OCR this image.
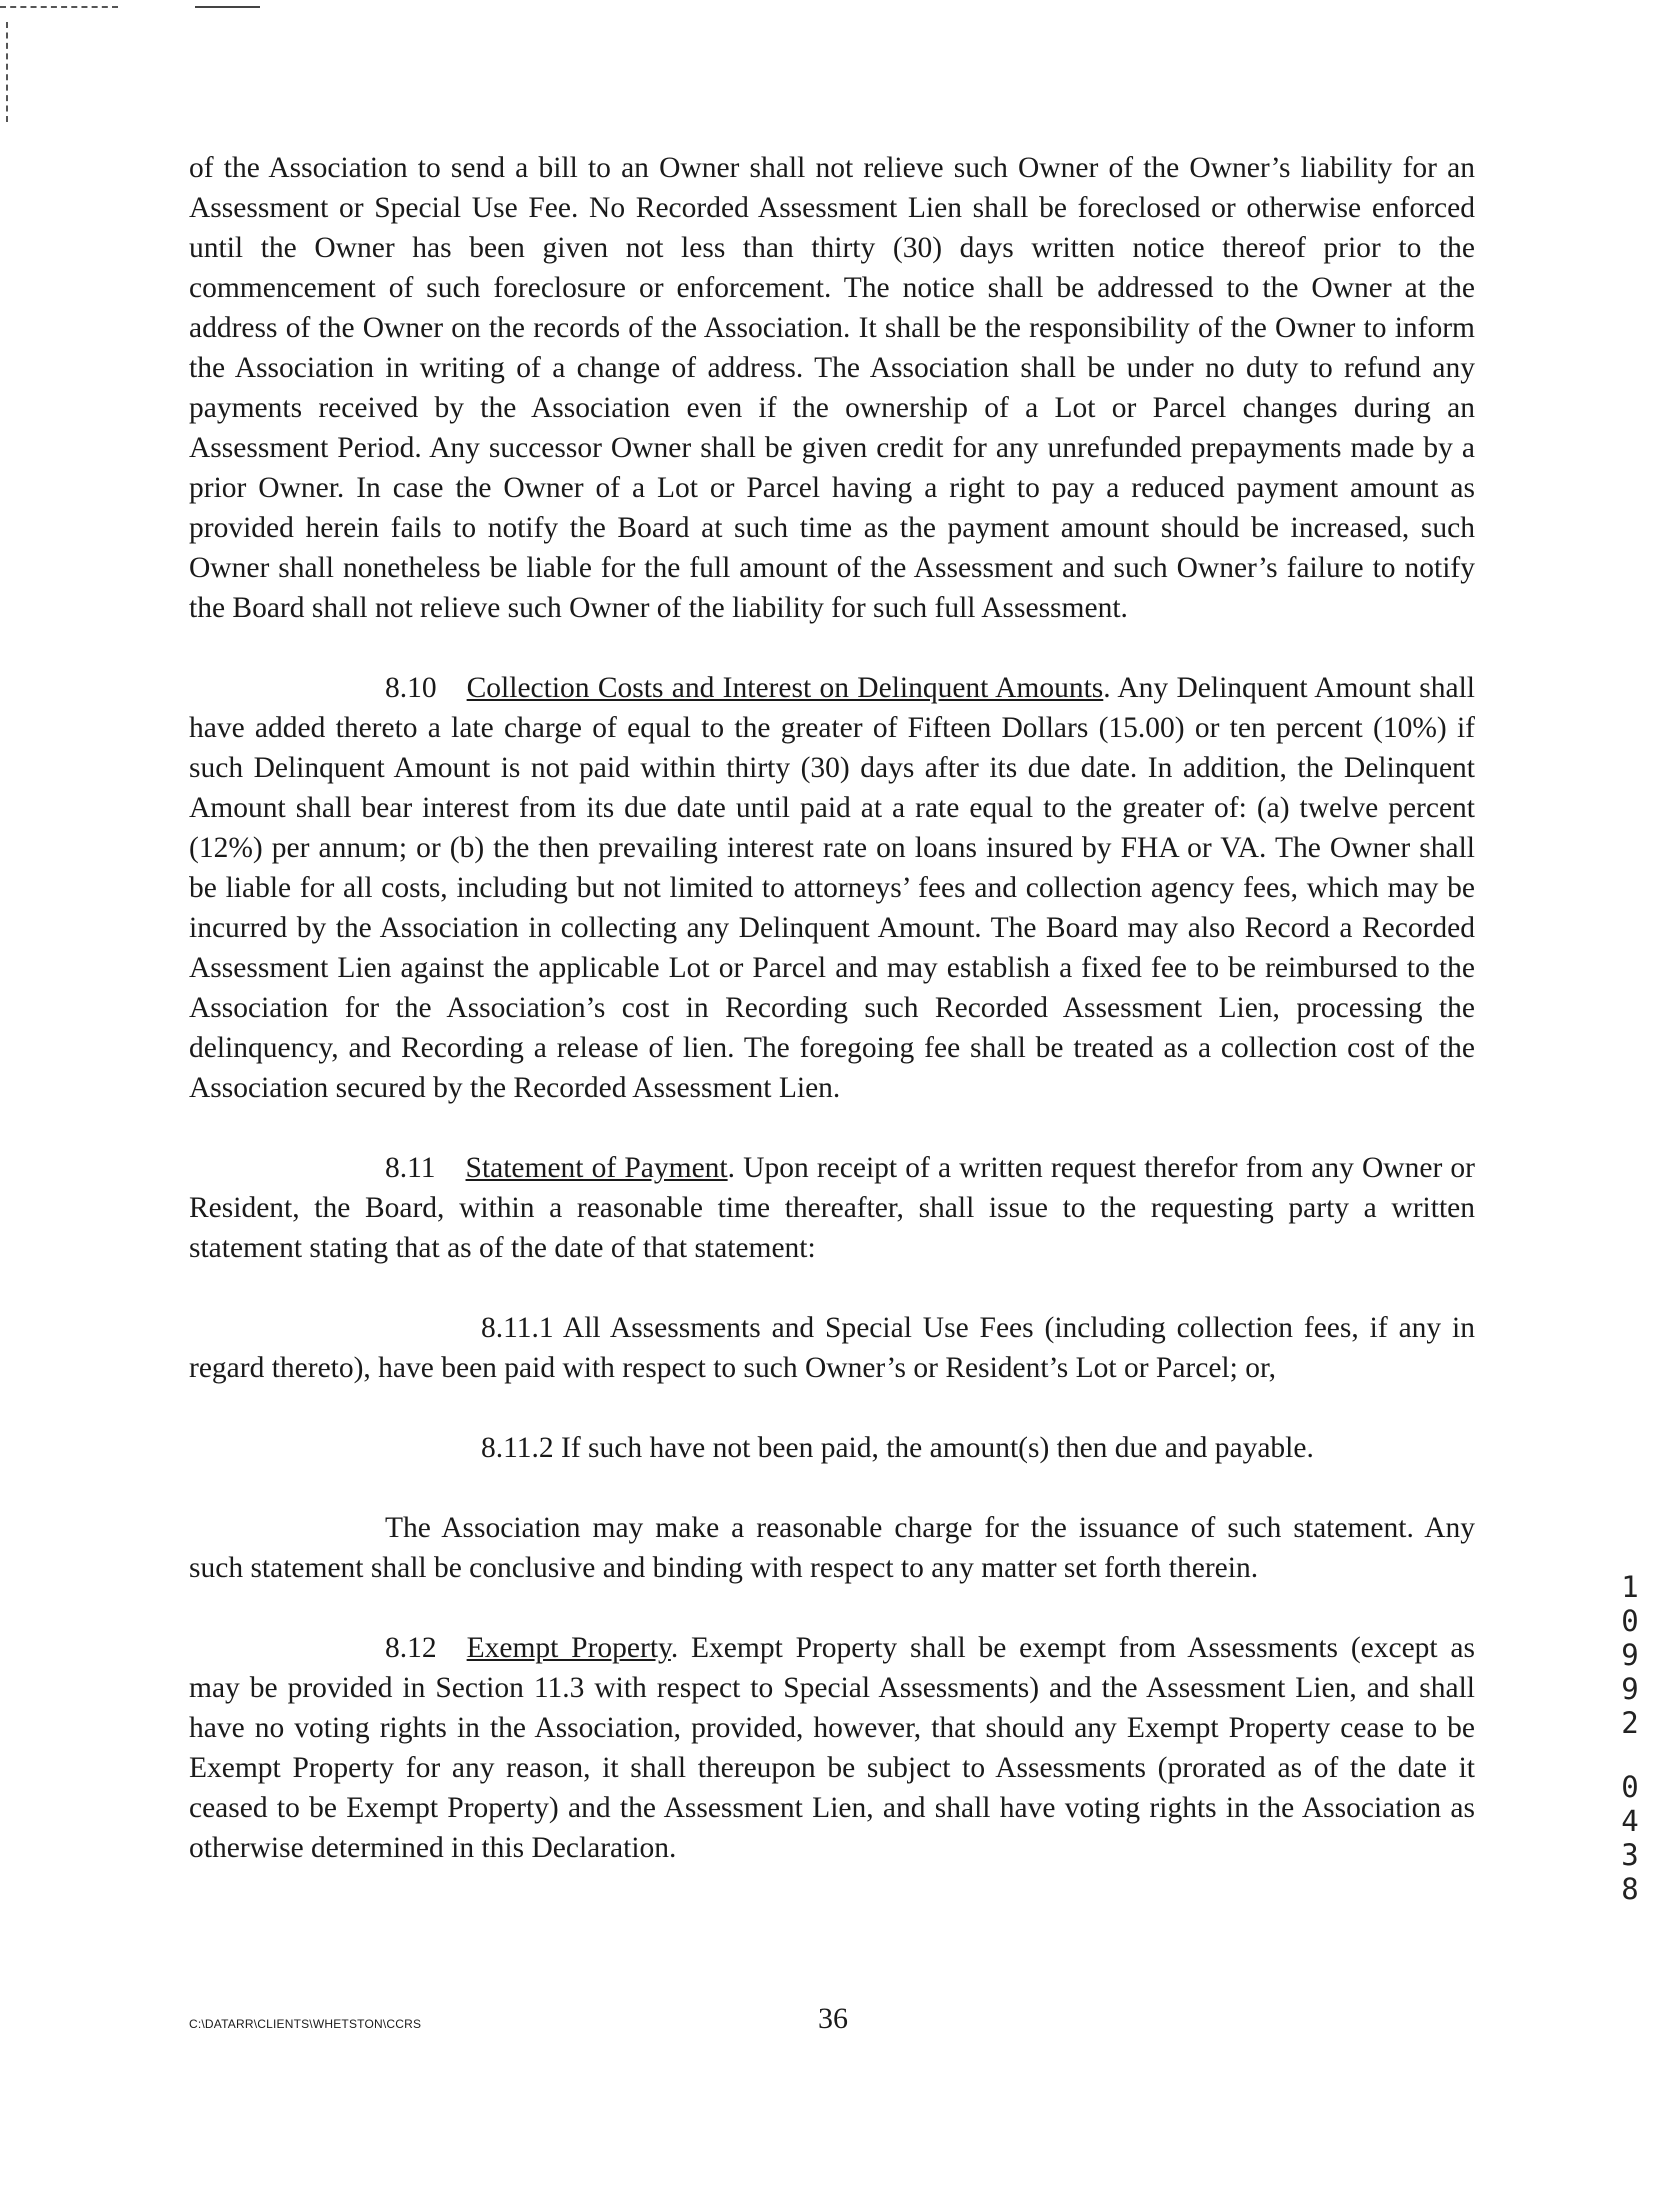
of the Association to send a bill to an Owner shall not relieve such Owner of the Owner’s liability for an Assessment or Special Use Fee. No Recorded Assessment Lien shall be foreclosed or otherwise enforced until the Owner has been given not less than thirty (30) days written notice thereof prior to the commencement of such foreclosure or enforcement. The notice shall be addressed to the Owner at the address of the Owner on the records of the Association. It shall be the responsibility of the Owner to inform the Association in writing of a change of address. The Association shall be under no duty to refund any payments received by the Association even if the ownership of a Lot or Parcel changes during an Assessment Period. Any successor Owner shall be given credit for any unrefunded prepayments made by a prior Owner. In case the Owner of a Lot or Parcel having a right to pay a reduced payment amount as provided herein fails to notify the Board at such time as the payment amount should be increased, such Owner shall nonetheless be liable for the full amount of the Assessment and such Owner’s failure to notify the Board shall not relieve such Owner of the liability for such full Assessment.

8.10 Collection Costs and Interest on Delinquent Amounts. Any Delinquent Amount shall have added thereto a late charge of equal to the greater of Fifteen Dollars (15.00) or ten percent (10%) if such Delinquent Amount is not paid within thirty (30) days after its due date. In addition, the Delinquent Amount shall bear interest from its due date until paid at a rate equal to the greater of: (a) twelve percent (12%) per annum; or (b) the then prevailing interest rate on loans insured by FHA or VA. The Owner shall be liable for all costs, including but not limited to attorneys’ fees and collection agency fees, which may be incurred by the Association in collecting any Delinquent Amount. The Board may also Record a Recorded Assessment Lien against the applicable Lot or Parcel and may establish a fixed fee to be reimbursed to the Association for the Association’s cost in Recording such Recorded Assessment Lien, processing the delinquency, and Recording a release of lien. The foregoing fee shall be treated as a collection cost of the Association secured by the Recorded Assessment Lien.

8.11 Statement of Payment. Upon receipt of a written request therefor from any Owner or Resident, the Board, within a reasonable time thereafter, shall issue to the requesting party a written statement stating that as of the date of that statement:

8.11.1 All Assessments and Special Use Fees (including collection fees, if any in regard thereto), have been paid with respect to such Owner’s or Resident’s Lot or Parcel; or,

8.11.2 If such have not been paid, the amount(s) then due and payable.

The Association may make a reasonable charge for the issuance of such statement. Any such statement shall be conclusive and binding with respect to any matter set forth therein.

8.12 Exempt Property. Exempt Property shall be exempt from Assessments (except as may be provided in Section 11.3 with respect to Special Assessments) and the Assessment Lien, and shall have no voting rights in the Association, provided, however, that should any Exempt Property cease to be Exempt Property for any reason, it shall thereupon be subject to Assessments (prorated as of the date it ceased to be Exempt Property) and the Assessment Lien, and shall have voting rights in the Association as otherwise determined in this Declaration.

C:\DATARR\CLIENTS\WHETSTON\CCRS	36
1
0
9
9
2
0
4
3
8
